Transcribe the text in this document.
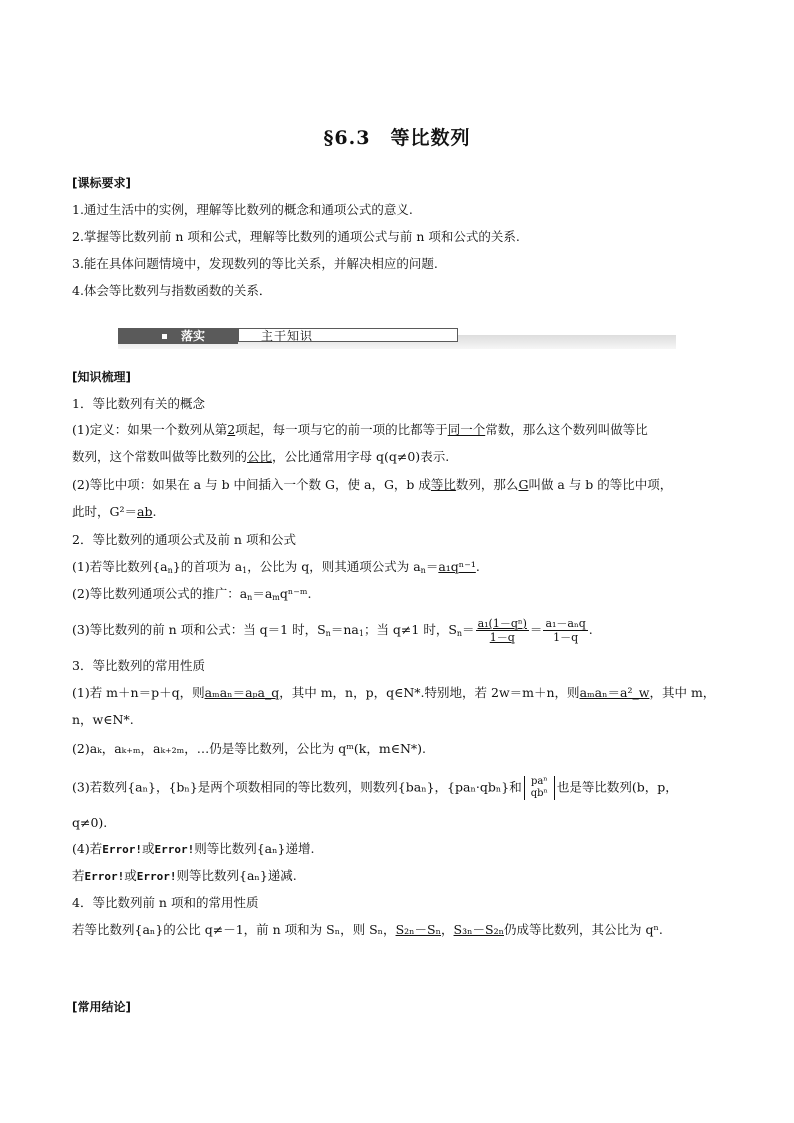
§6.3　等比数列
[课标要求]
1.通过生活中的实例，理解等比数列的概念和通项公式的意义.
2.掌握等比数列前 n 项和公式，理解等比数列的通项公式与前 n 项和公式的关系.
3.能在具体问题情境中，发现数列的等比关系，并解决相应的问题.
4.体会等比数列与指数函数的关系．
落实	主干知识
[知识梳理]
1．等比数列有关的概念
(1)定义：如果一个数列从第2项起，每一项与它的前一项的比都等于同一个常数，那么这个数列叫做等比
数列，这个常数叫做等比数列的公比，公比通常用字母 q(q≠0)表示.
(2)等比中项：如果在 a 与 b 中间插入一个数 G，使 a，G，b 成等比数列，那么G叫做 a 与 b 的等比中项，
此时，G²＝ab.
2．等比数列的通项公式及前 n 项和公式
(1)若等比数列$\{a_n\}$的首项为 $a_1$，公比为 q，则其通项公式为 $a_n=a_1q^{n-1}$.
(2)等比数列通项公式的推广：$a_n=a_mq^{n-}ᵐ$.
(3)等比数列的前 n 项和公式：当 q＝1 时，$S_n=na_1$；当 q≠1 时，$S_n= \frac{\text{a₁(1－qⁿ)}}{1-q} = \frac{\text{a₁－aₙq}}{1-q}$ .
3．等比数列的常用性质
(1)若 m＋n＝p＋q，则aₘaₙ＝aₚa_q，其中 m，n，p，q∈N*.特别地，若 2w＝m＋n，则aₘaₙ＝a²_w，其中 m，
n，w∈N*.
(2)aₖ，aₖ₊ₘ，aₖ₊₂ₘ，…仍是等比数列，公比为 qᵐ(k，m∈N*).
(3)若数列{aₙ}，{bₙ}是两个项数相同的等比数列，则数列{baₙ}，{paₙ·qbₙ}和 paⁿ
qbⁿ 也是等比数列(b，p，
q≠0).
(4)若Error!或Error!则等比数列{aₙ}递增.
若Error!或Error!则等比数列{aₙ}递减.
4．等比数列前 n 项和的常用性质
若等比数列{aₙ}的公比 q≠－1，前 n 项和为 Sₙ，则 Sₙ，S₂ₙ－Sₙ，S₃ₙ－S₂ₙ仍成等比数列，其公比为 qⁿ.
[常用结论]
